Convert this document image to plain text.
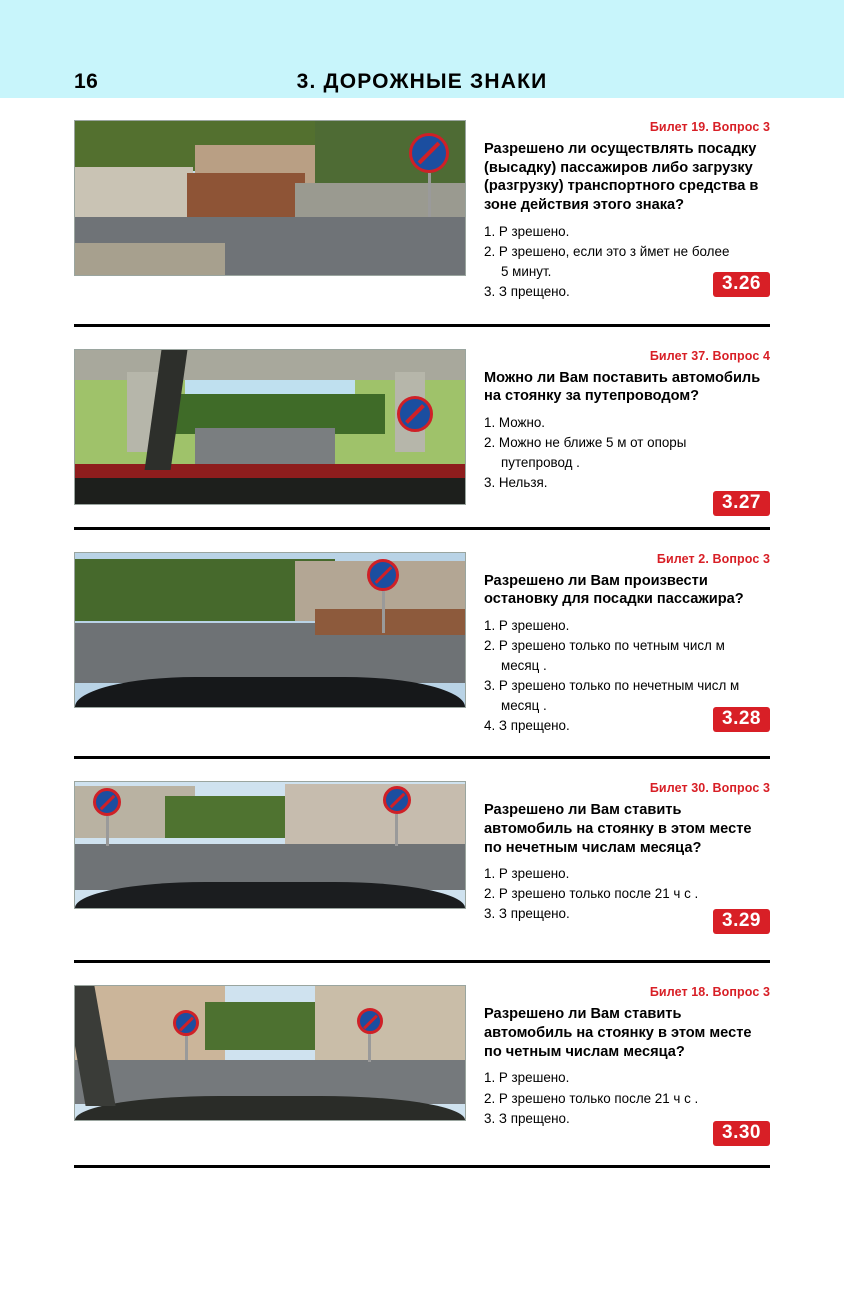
16	3. ДОРОЖНЫЕ ЗНАКИ
Билет 19. Вопрос 3
Разрешено ли осуществлять посадку (высадку) пассажиров либо загрузку (разгрузку) транспортного средства в зоне действия этого знака?
1. Р зрешено.
2. Р зрешено, если это з ймет не более
5 минут.
3. З прещено.	3.26
Билет 37. Вопрос 4
Можно ли Вам поставить автомобиль на стоянку за путепроводом?
1. Можно.
2. Можно не ближе 5 м от опоры
путепровод .
3. Нельзя.
3.27
Билет 2. Вопрос 3
Разрешено ли Вам произвести остановку для посадки пассажира?
1. Р зрешено.
2. Р зрешено только по четным числ м
месяц .
3. Р зрешено только по нечетным числ м
месяц .
4. З прещено.	3.28
Билет 30. Вопрос 3
Разрешено ли Вам ставить автомобиль на стоянку в этом месте по нечетным числам месяца?
1. Р зрешено.
2. Р зрешено только после 21 ч с .
3. З прещено.	3.29
Билет 18. Вопрос 3
Разрешено ли Вам ставить автомобиль на стоянку в этом месте по четным числам месяца?
1. Р зрешено.
2. Р зрешено только после 21 ч с .
3. З прещено.
3.30
